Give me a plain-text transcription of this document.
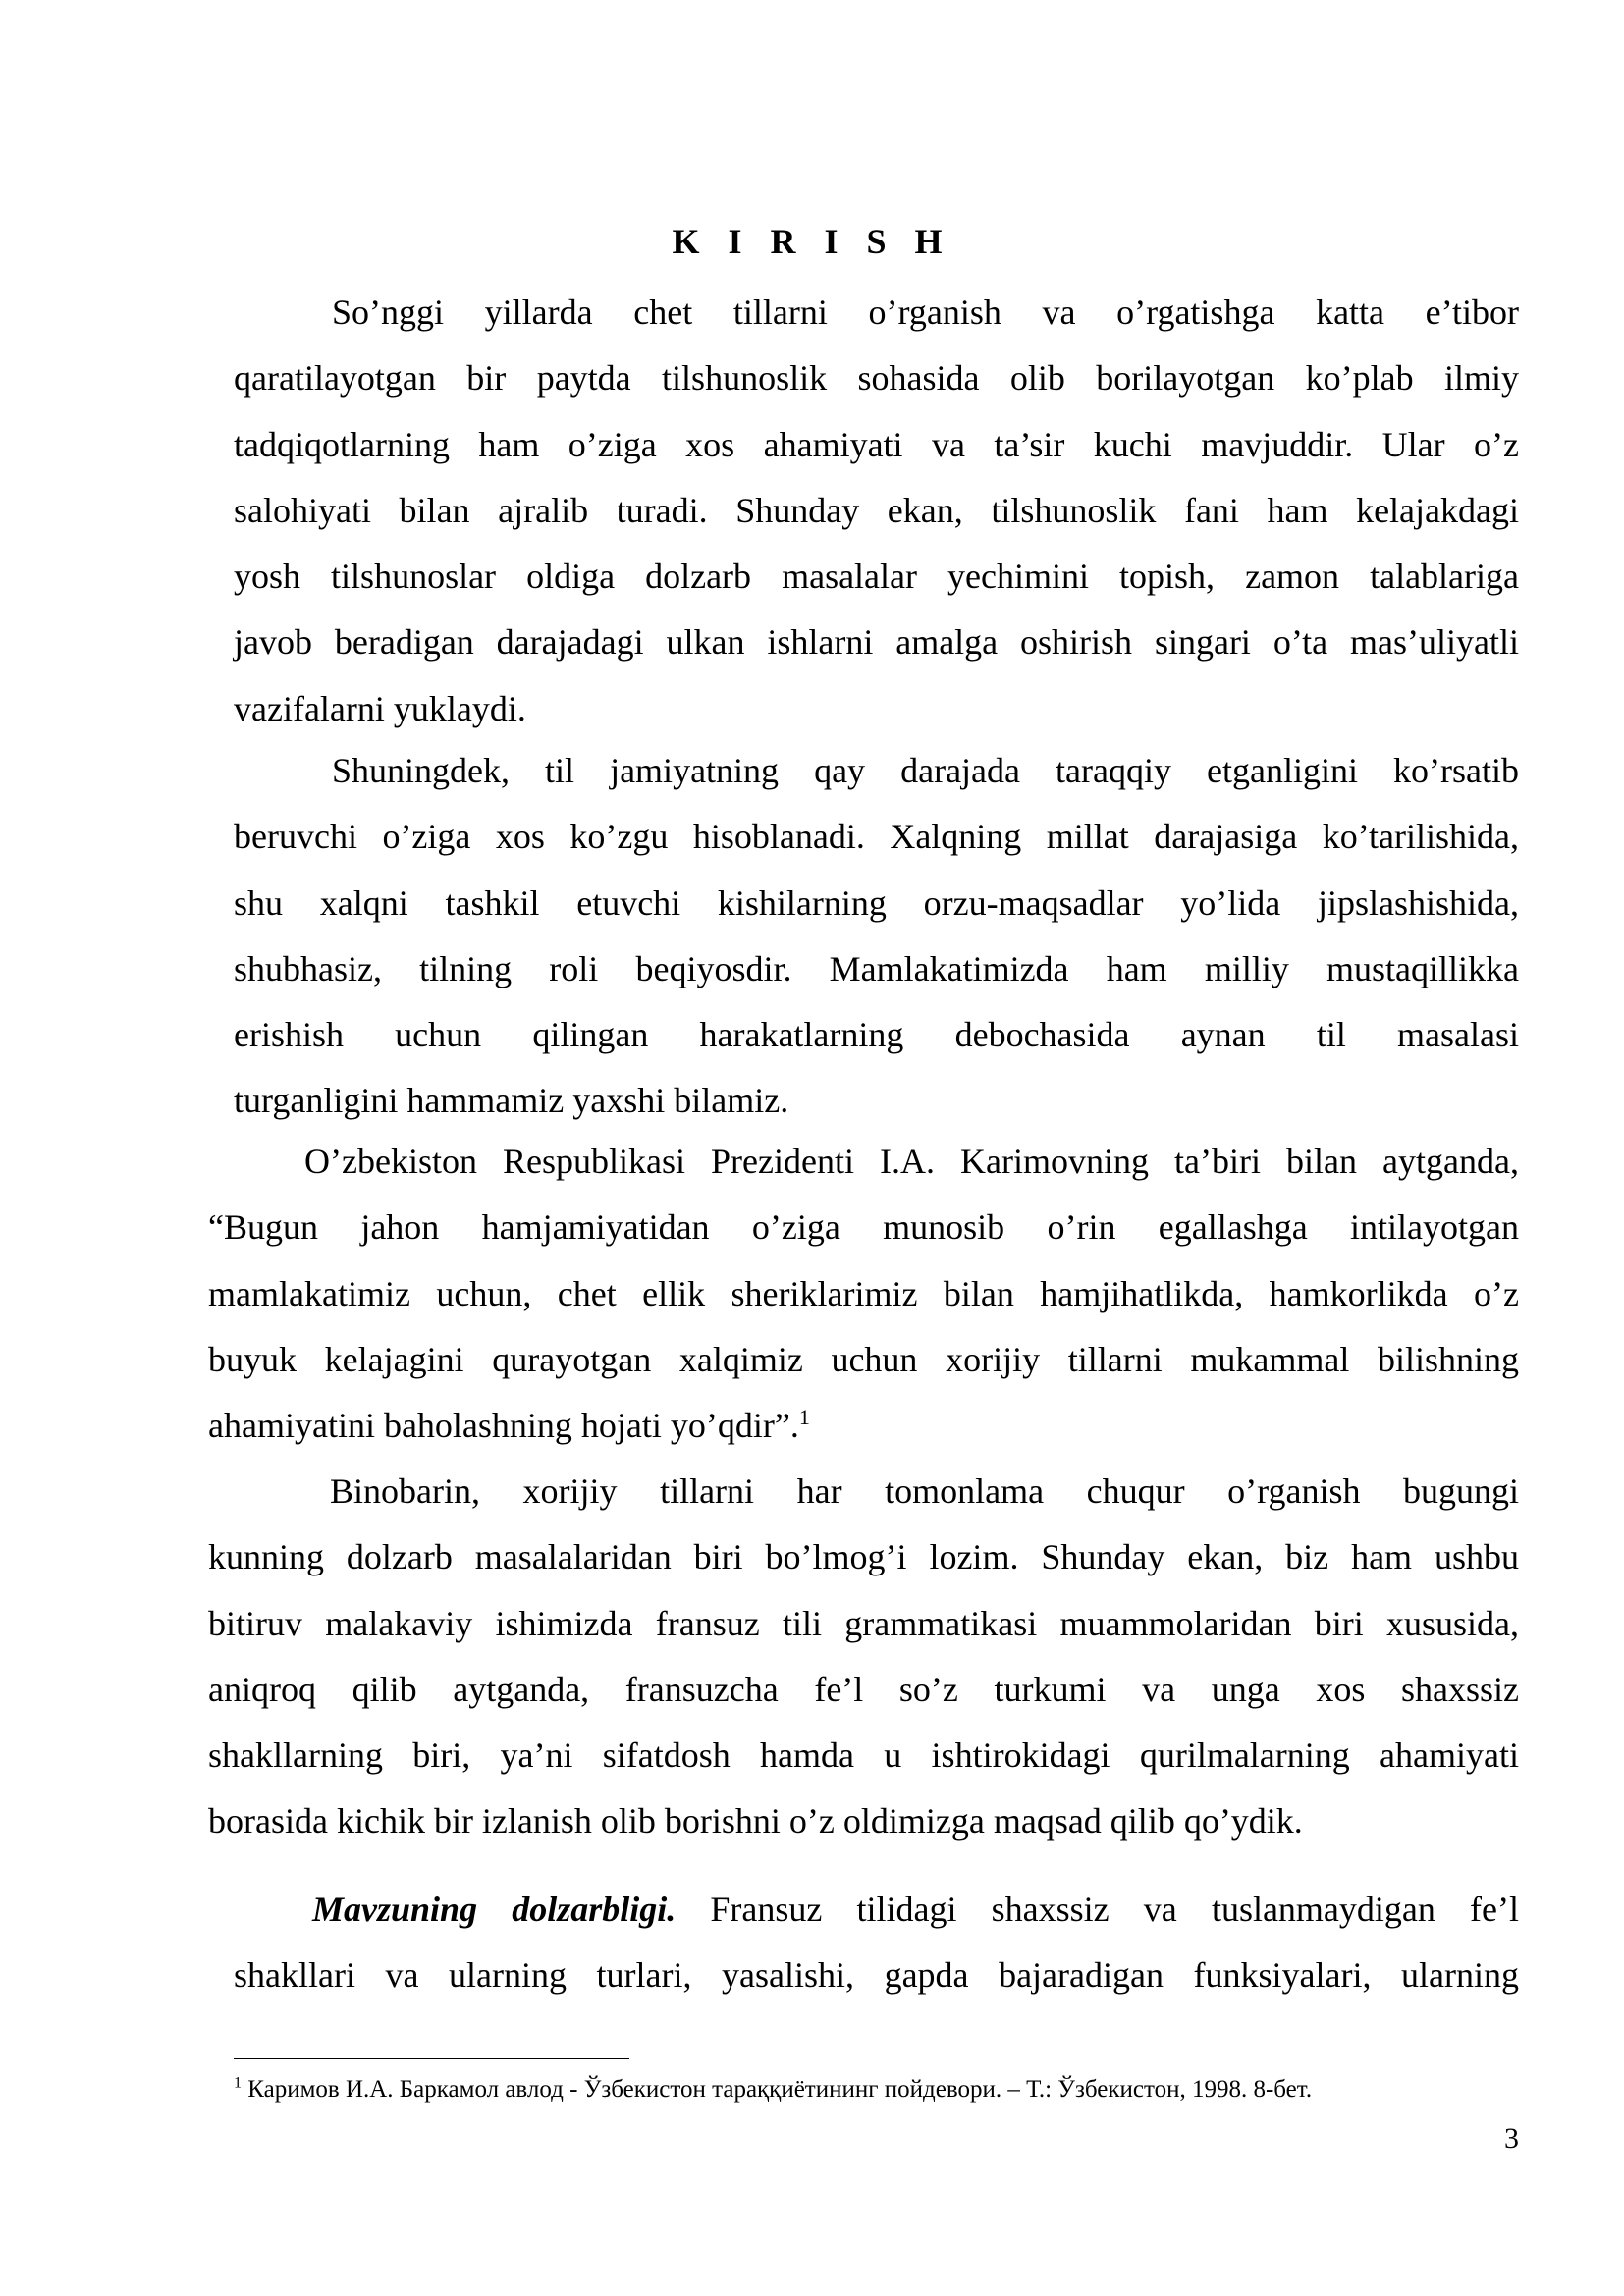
K I R I S H
So’nggi yillarda chet tillarni o’rganish va o’rgatishga katta e’tibor
qaratilayotgan bir paytda tilshunoslik sohasida olib borilayotgan ko’plab ilmiy
tadqiqotlarning ham o’ziga xos ahamiyati va ta’sir kuchi mavjuddir. Ular o’z
salohiyati bilan ajralib turadi. Shunday ekan, tilshunoslik fani ham kelajakdagi
yosh tilshunoslar oldiga dolzarb masalalar yechimini topish, zamon talablariga
javob beradigan darajadagi ulkan ishlarni amalga oshirish singari o’ta mas’uliyatli
vazifalarni yuklaydi.
Shuningdek, til jamiyatning qay darajada taraqqiy etganligini ko’rsatib
beruvchi o’ziga xos ko’zgu hisoblanadi. Xalqning millat darajasiga ko’tarilishida,
shu xalqni tashkil etuvchi kishilarning orzu-maqsadlar yo’lida jipslashishida,
shubhasiz, tilning roli beqiyosdir. Mamlakatimizda ham milliy mustaqillikka
erishish uchun qilingan harakatlarning debochasida aynan til masalasi
turganligini hammamiz yaxshi bilamiz.
O’zbekiston Respublikasi Prezidenti I.A. Karimovning ta’biri bilan aytganda,
“Bugun jahon hamjamiyatidan o’ziga munosib o’rin egallashga intilayotgan
mamlakatimiz uchun, chet ellik sheriklarimiz bilan hamjihatlikda, hamkorlikda o’z
buyuk kelajagini qurayotgan xalqimiz uchun xorijiy tillarni mukammal bilishning
ahamiyatini baholashning hojati yo’qdir”.$^1$
Binobarin, xorijiy tillarni har tomonlama chuqur o’rganish bugungi
kunning dolzarb masalalaridan biri bo’lmog’i lozim. Shunday ekan, biz ham ushbu
bitiruv malakaviy ishimizda fransuz tili grammatikasi muammolaridan biri xususida,
aniqroq qilib aytganda, fransuzcha fe’l so’z turkumi va unga xos shaxssiz
shakllarning biri, ya’ni sifatdosh hamda u ishtirokidagi qurilmalarning ahamiyati
borasida kichik bir izlanish olib borishni o’z oldimizga maqsad qilib qo’ydik.
Mavzuning dolzarbligi. Fransuz tilidagi shaxssiz va tuslanmaydigan fe’l
shakllari va ularning turlari, yasalishi, gapda bajaradigan funksiyalari, ularning
$^1$ Каримов И.А. Баркамол авлод - Ўзбекистон тараққиётининг пойдевори. – Т.: Ўзбекистон, 1998. 8-бет.
3
